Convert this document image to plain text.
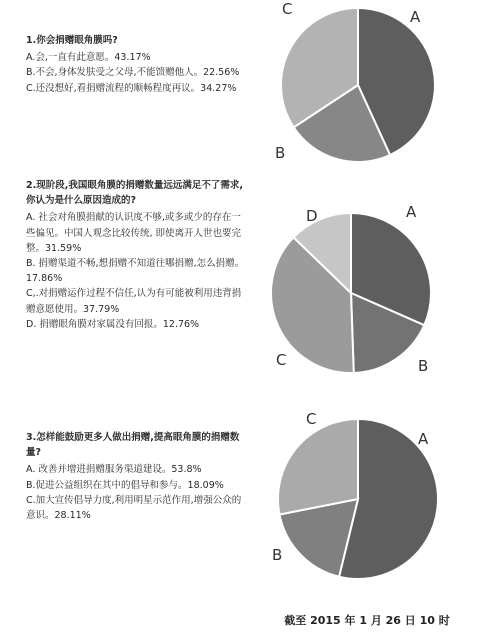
1.你会捐赠眼角膜吗?

A.会,一直有此意愿。43.17%

B.不会,身体发肤受之父母,不能馈赠他人。22.56%

C.还没想好,看捐赠流程的顺畅程度再议。34.27%

2.现阶段,我国眼角膜的捐赠数量远远满足不了需求,你认为是什么原因造成的?

A. 社会对角膜捐献的认识度不够,或多或少的存在一些偏见。中国人观念比较传统, 即使离开人世也要完整。31.59%

B. 捐赠渠道不畅,想捐赠不知道往哪捐赠,怎么捐赠。17.86%

C,.对捐赠运作过程不信任,认为有可能被利用违背捐赠意愿使用。37.79%

D. 捐赠眼角膜对家属没有回报。12.76%

3.怎样能鼓励更多人做出捐赠,提高眼角膜的捐赠数量?

A. 改善并增进捐赠服务渠道建设。53.8%

B.促进公益组织在其中的倡导和参与。18.09%

C.加大宣传倡导力度,利用明星示范作用,增强公众的意识。28.11%

A
B
C
A
B
C
D
A
B
C
截至 2015 年 1 月 26 日 10 时
